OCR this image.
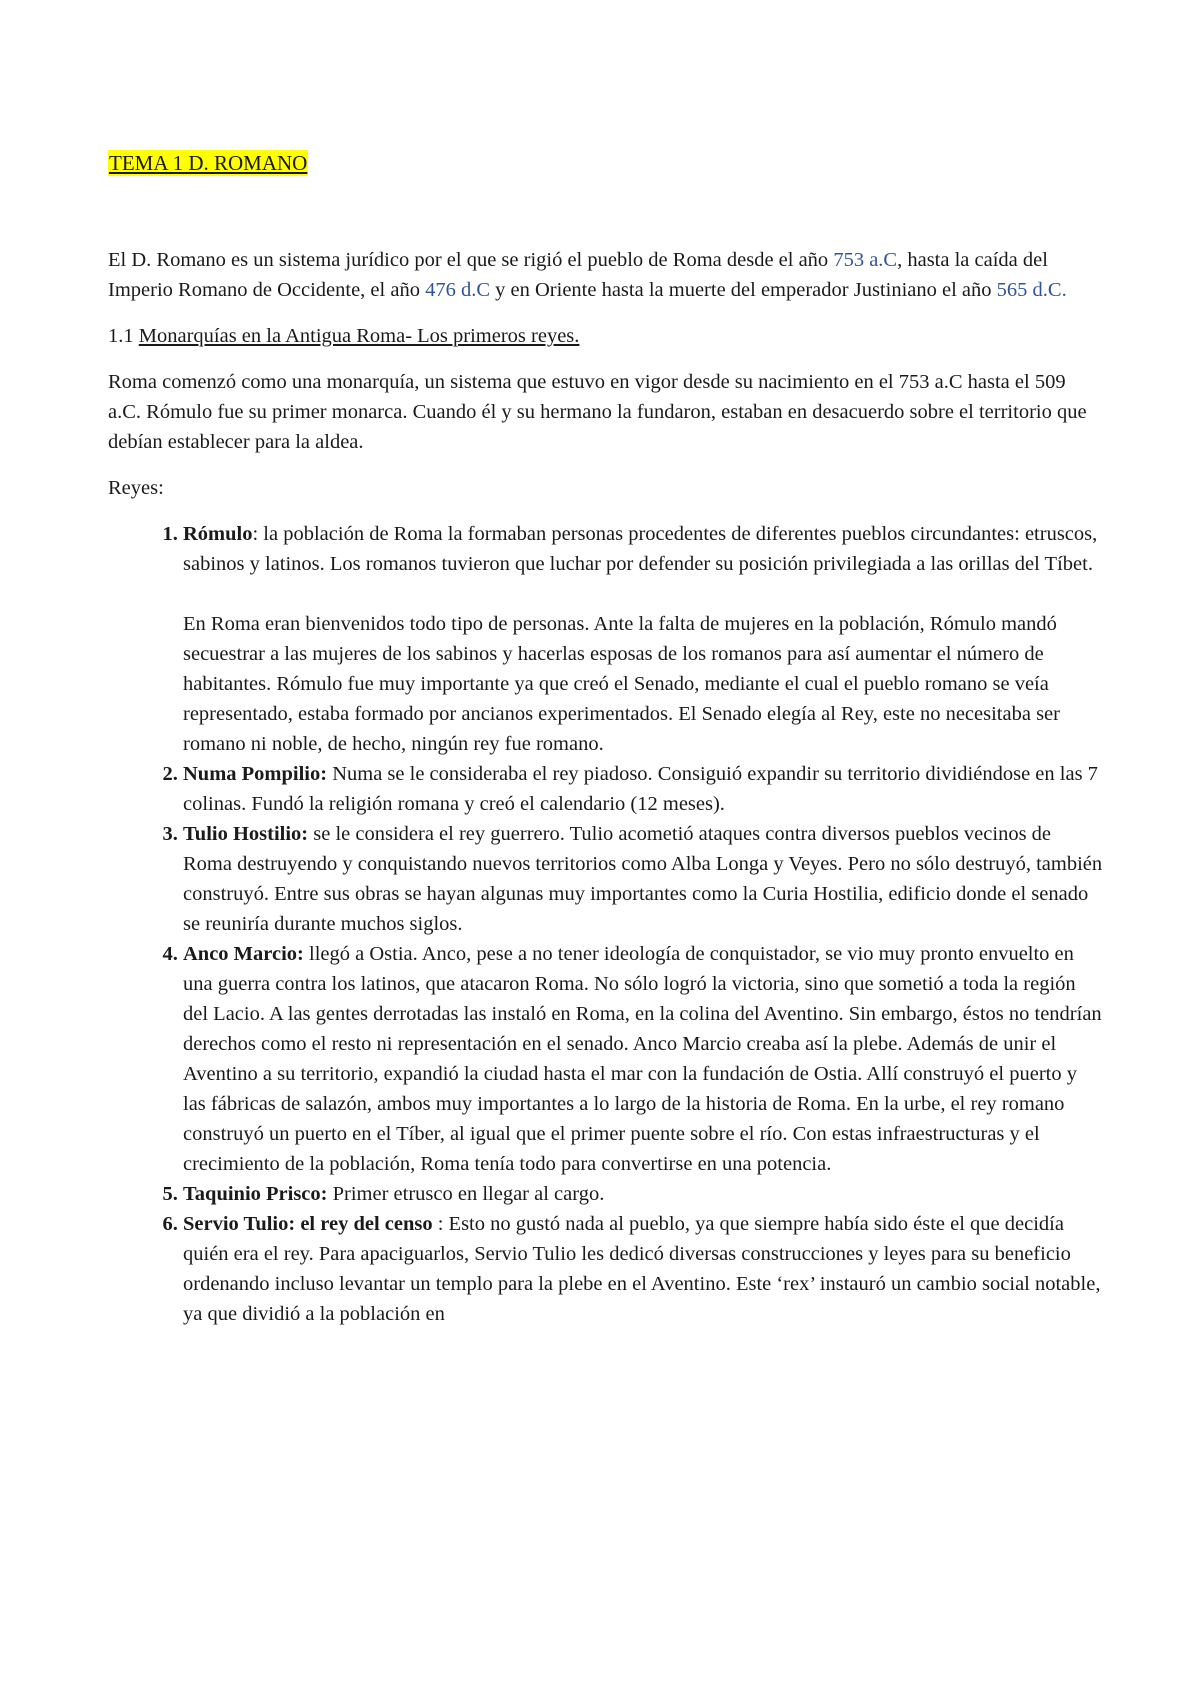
TEMA 1 D. ROMANO

El D. Romano es un sistema jurídico por el que se rigió el pueblo de Roma desde el año 753 a.C, hasta la caída del Imperio Romano de Occidente, el año 476 d.C y en Oriente hasta la muerte del emperador Justiniano el año 565 d.C.

1.1 Monarquías en la Antigua Roma- Los primeros reyes.

Roma comenzó como una monarquía, un sistema que estuvo en vigor desde su nacimiento en el 753 a.C hasta el 509 a.C. Rómulo fue su primer monarca. Cuando él y su hermano la fundaron, estaban en desacuerdo sobre el territorio que debían establecer para la aldea.

Reyes:

1. Rómulo: la población de Roma la formaban personas procedentes de diferentes pueblos circundantes: etruscos, sabinos y latinos. Los romanos tuvieron que luchar por defender su posición privilegiada a las orillas del Tíbet.
En Roma eran bienvenidos todo tipo de personas. Ante la falta de mujeres en la población, Rómulo mandó secuestrar a las mujeres de los sabinos y hacerlas esposas de los romanos para así aumentar el número de habitantes. Rómulo fue muy importante ya que creó el Senado, mediante el cual el pueblo romano se veía representado, estaba formado por ancianos experimentados. El Senado elegía al Rey, este no necesitaba ser romano ni noble, de hecho, ningún rey fue romano.
2. Numa Pompilio: Numa se le consideraba el rey piadoso. Consiguió expandir su territorio dividiéndose en las 7 colinas. Fundó la religión romana y creó el calendario (12 meses).
3. Tulio Hostilio: se le considera el rey guerrero. Tulio acometió ataques contra diversos pueblos vecinos de Roma destruyendo y conquistando nuevos territorios como Alba Longa y Veyes. Pero no sólo destruyó, también construyó. Entre sus obras se hayan algunas muy importantes como la Curia Hostilia, edificio donde el senado se reuniría durante muchos siglos.
4. Anco Marcio: llegó a Ostia. Anco, pese a no tener ideología de conquistador, se vio muy pronto envuelto en una guerra contra los latinos, que atacaron Roma. No sólo logró la victoria, sino que sometió a toda la región del Lacio. A las gentes derrotadas las instaló en Roma, en la colina del Aventino. Sin embargo, éstos no tendrían derechos como el resto ni representación en el senado. Anco Marcio creaba así la plebe. Además de unir el Aventino a su territorio, expandió la ciudad hasta el mar con la fundación de Ostia. Allí construyó el puerto y las fábricas de salazón, ambos muy importantes a lo largo de la historia de Roma. En la urbe, el rey romano construyó un puerto en el Tíber, al igual que el primer puente sobre el río. Con estas infraestructuras y el crecimiento de la población, Roma tenía todo para convertirse en una potencia.
5. Taquinio Prisco: Primer etrusco en llegar al cargo.
6. Servio Tulio: el rey del censo : Esto no gustó nada al pueblo, ya que siempre había sido éste el que decidía quién era el rey. Para apaciguarlos, Servio Tulio les dedicó diversas construcciones y leyes para su beneficio ordenando incluso levantar un templo para la plebe en el Aventino. Este ‘rex’ instauró un cambio social notable, ya que dividió a la población en
